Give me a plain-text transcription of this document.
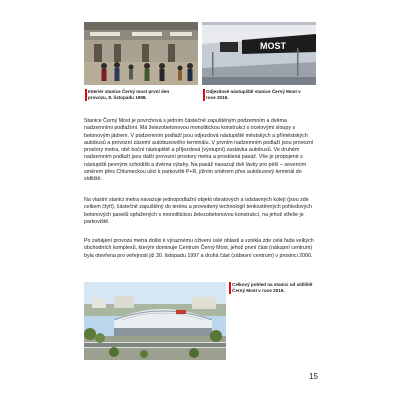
MOST
Interiér stanice Černý most první den provozu, 8. listopadu 1998.
Odjezdové nástupiště stanice Černý Most v roce 2019.

Stanice Černý Most je povrchová s jedním částečně zapuštěným podzemním a dvěma nadzemními podlažími. Má železobetonovou monolitickou konstrukci s ocelovými sloupy s betonovým jádrem. V podzemním podlaží jsou odjezdová nástupiště městských a příměstských autobusů a provozní zázemí autobusového terminálu. V prvním nadzemním podlaží jsou provozní prostory metra, obě boční nástupiště a příjezdová (výstupní) zastávka autobusů. Ve druhém nadzemním podlaží jsou další provozní prostory metra a prosklená pasáž. Vše je propojené s nástupišti pevnými schodišti a dvěma výtahy. Na pasáž navazují dvě lávky pro pěší – severním směrem přes Chlumeckou ulici k parkovišti P+R, jižním směrem přes autobusový terminál do sídliště.

Na vlastní stanici metra navazuje jednopodlažní objekt obratových a odstavných kolejí (jsou zde celkem čtyři), částečně zapuštěný do terénu a provedený technologií tenkostěnných pohledových betonových panelů spřažených s monolitickou železobetonovou konstrukcí, na jehož střeše je parkoviště.

Po zahájení provozu metra došlo k výraznému oživení celé oblasti a vznikla zde celá řada velkých obchodních komplexů, kterým dominuje Centrum Černý Most, jehož první část (nákupní centrum) byla otevřena pro veřejnost již 30. listopadu 1997 a druhá část (zábavní centrum) v prosinci 2000.

Celkový pohled na stanici od sídliště Černý Most v roce 2019.
15
